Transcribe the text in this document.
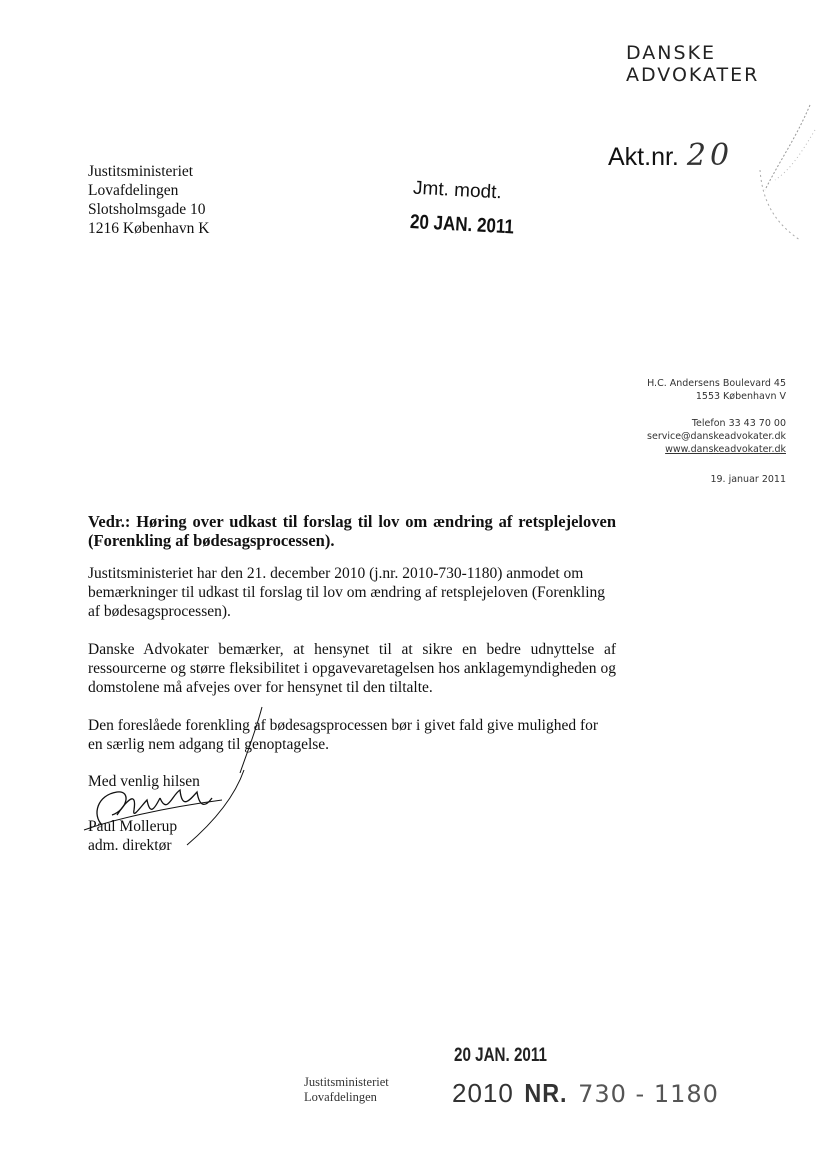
DANSKE
ADVOKATER
Akt.nr. 20
Justitsministeriet
Lovafdelingen
Slotsholmsgade 10
1216 København K
Jmt. modt.
20 JAN. 2011
H.C. Andersens Boulevard 45
1553 København V
Telefon 33 43 70 00
service@danskeadvokater.dk
www.danskeadvokater.dk
19. januar 2011
Vedr.: Høring over udkast til forslag til lov om ændring af retsplejeloven (Forenkling af bødesagsprocessen).

Justitsministeriet har den 21. december 2010 (j.nr. 2010-730-1180) anmodet om bemærkninger til udkast til forslag til lov om ændring af retsplejeloven (Forenkling af bødesagsprocessen).

Danske Advokater bemærker, at hensynet til at sikre en bedre udnyttelse af ressourcerne og større fleksibilitet i opgavevaretagelsen hos anklagemyndigheden og domstolene må afvejes over for hensynet til den tiltalte.

Den foreslåede forenkling af bødesagsprocessen bør i givet fald give mulighed for en særlig nem adgang til genoptagelse.

Med venlig hilsen
Paul Mollerup
adm. direktør
20 JAN. 2011
Justitsministeriet
Lovafdelingen	2010 NR. 730 - 1180
